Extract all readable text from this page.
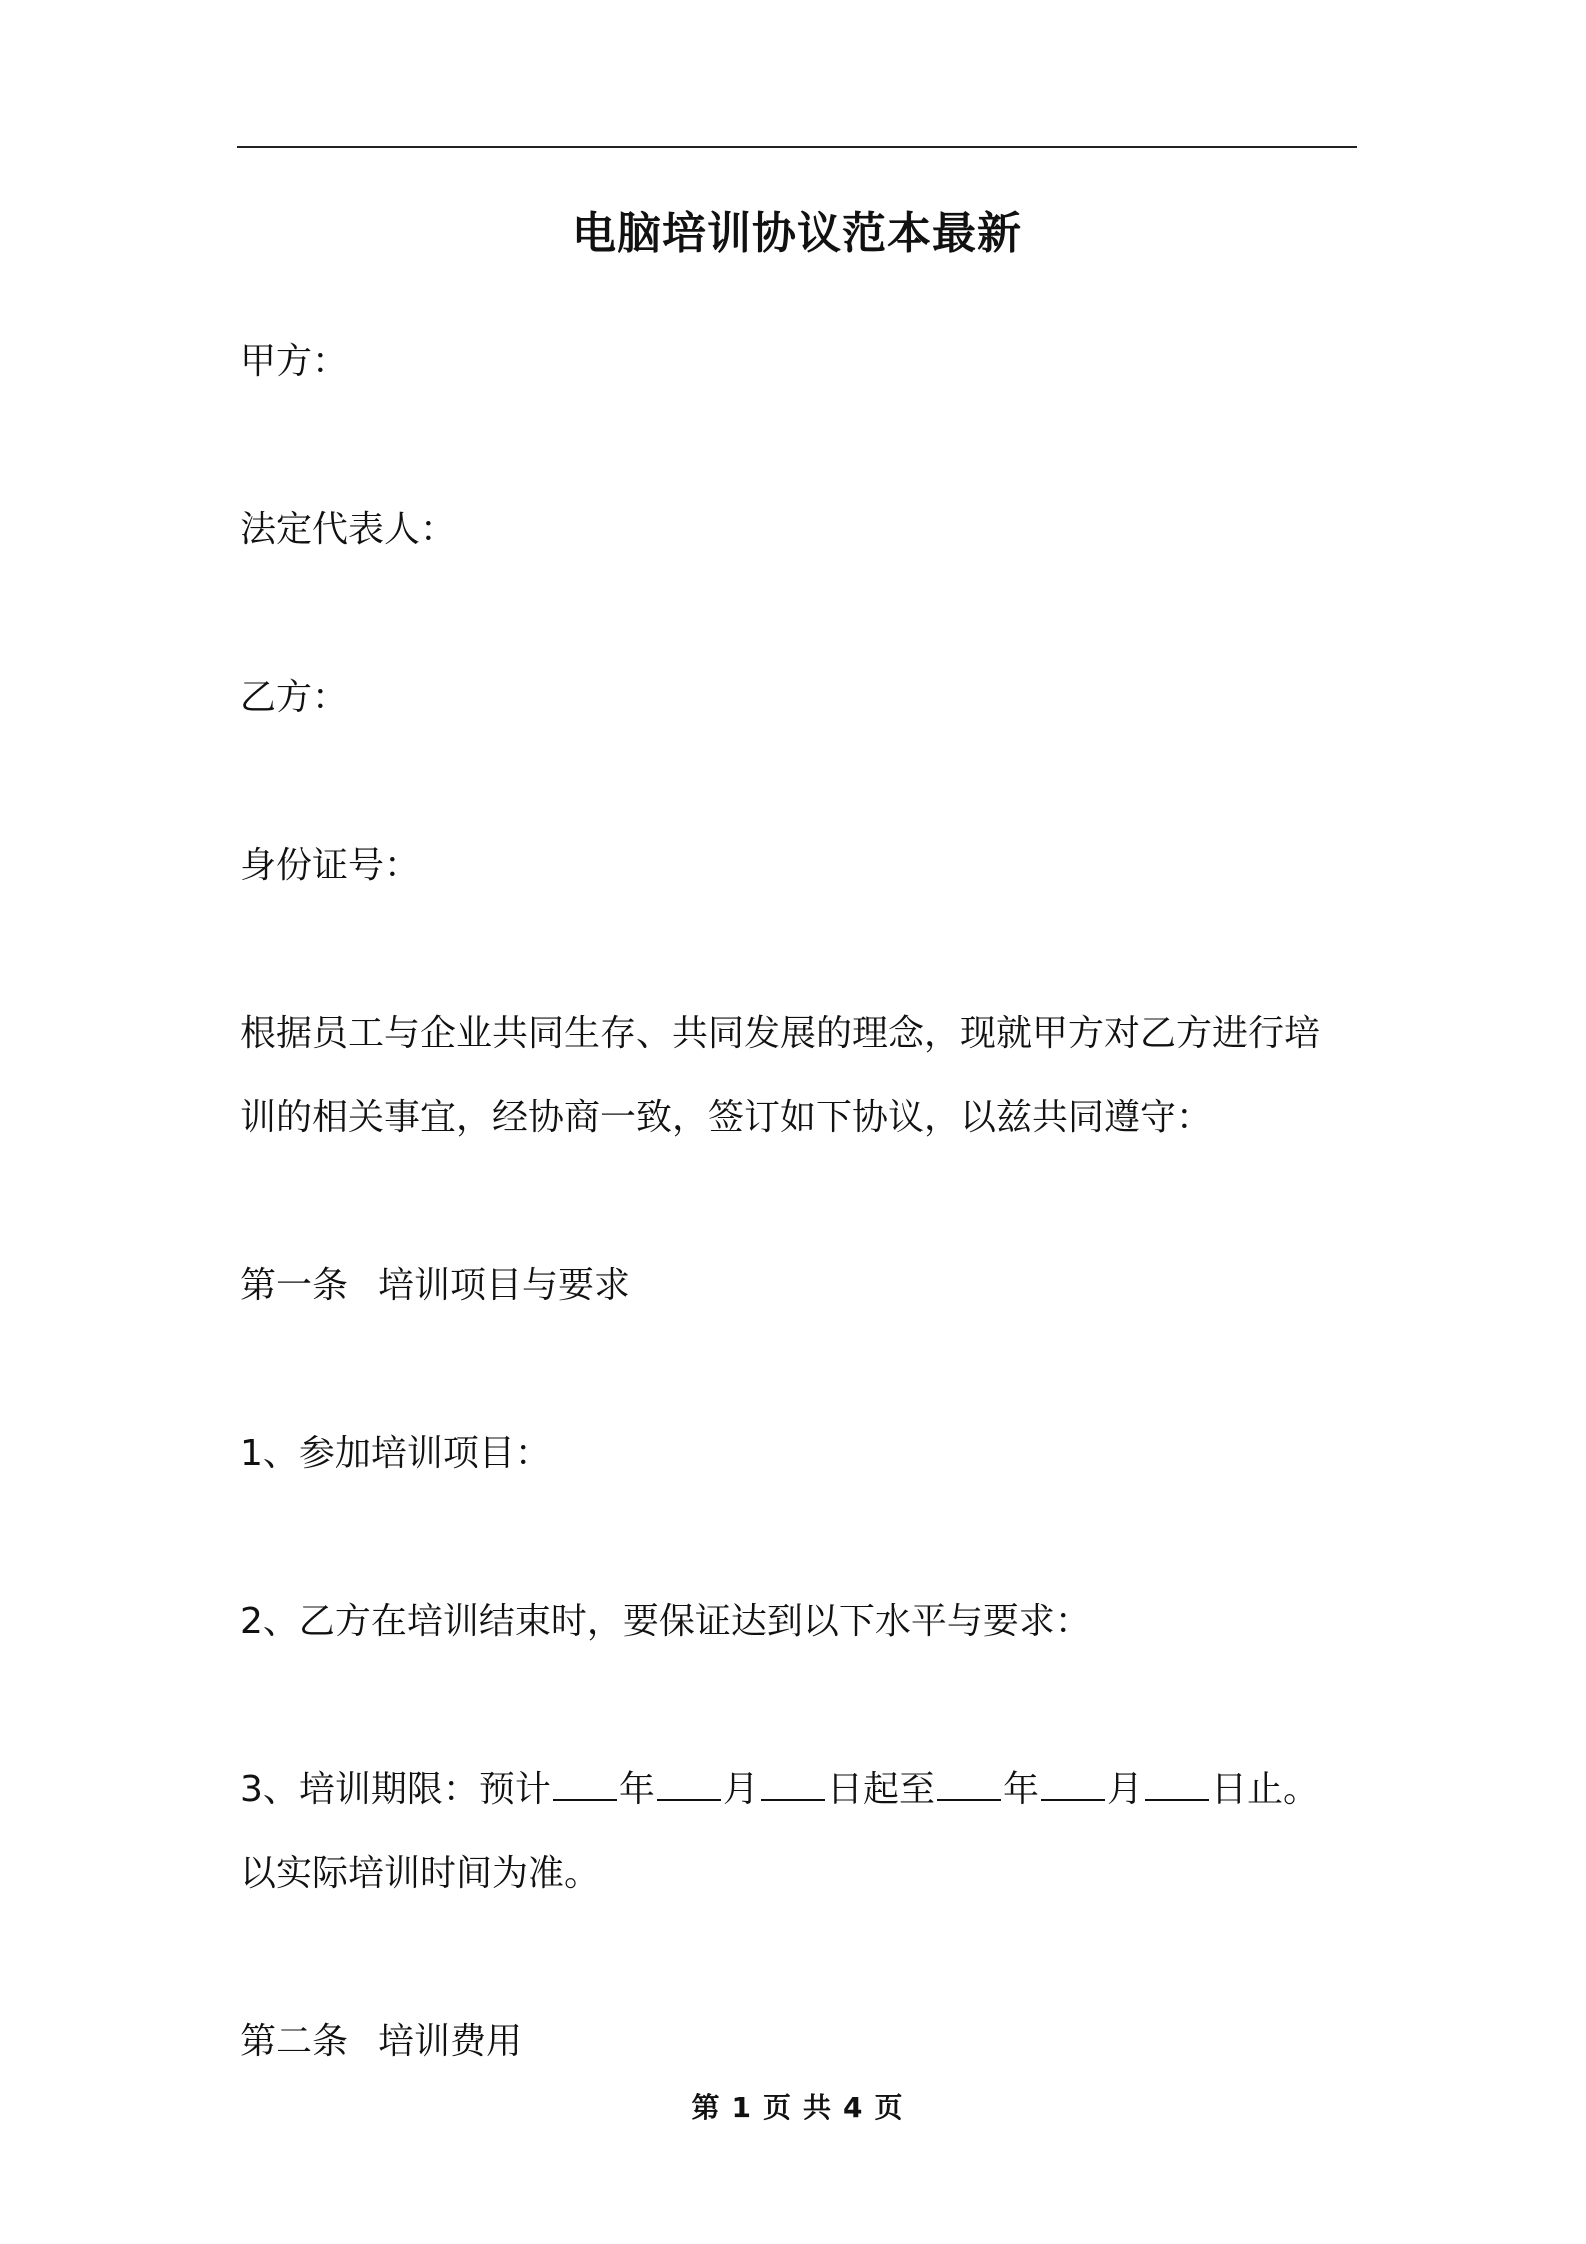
电脑培训协议范本最新

甲方：

法定代表人：

乙方：

身份证号：

根据员工与企业共同生存、共同发展的理念，现就甲方对乙方进行培

训的相关事宜，经协商一致，签订如下协议，以兹共同遵守：

第一条 培训项目与要求

1、参加培训项目：

2、乙方在培训结束时，要保证达到以下水平与要求：

3、培训期限：预计 年 月 日起至 年 月 日止。

以实际培训时间为准。

第二条 培训费用

第 1 页 共 4 页
